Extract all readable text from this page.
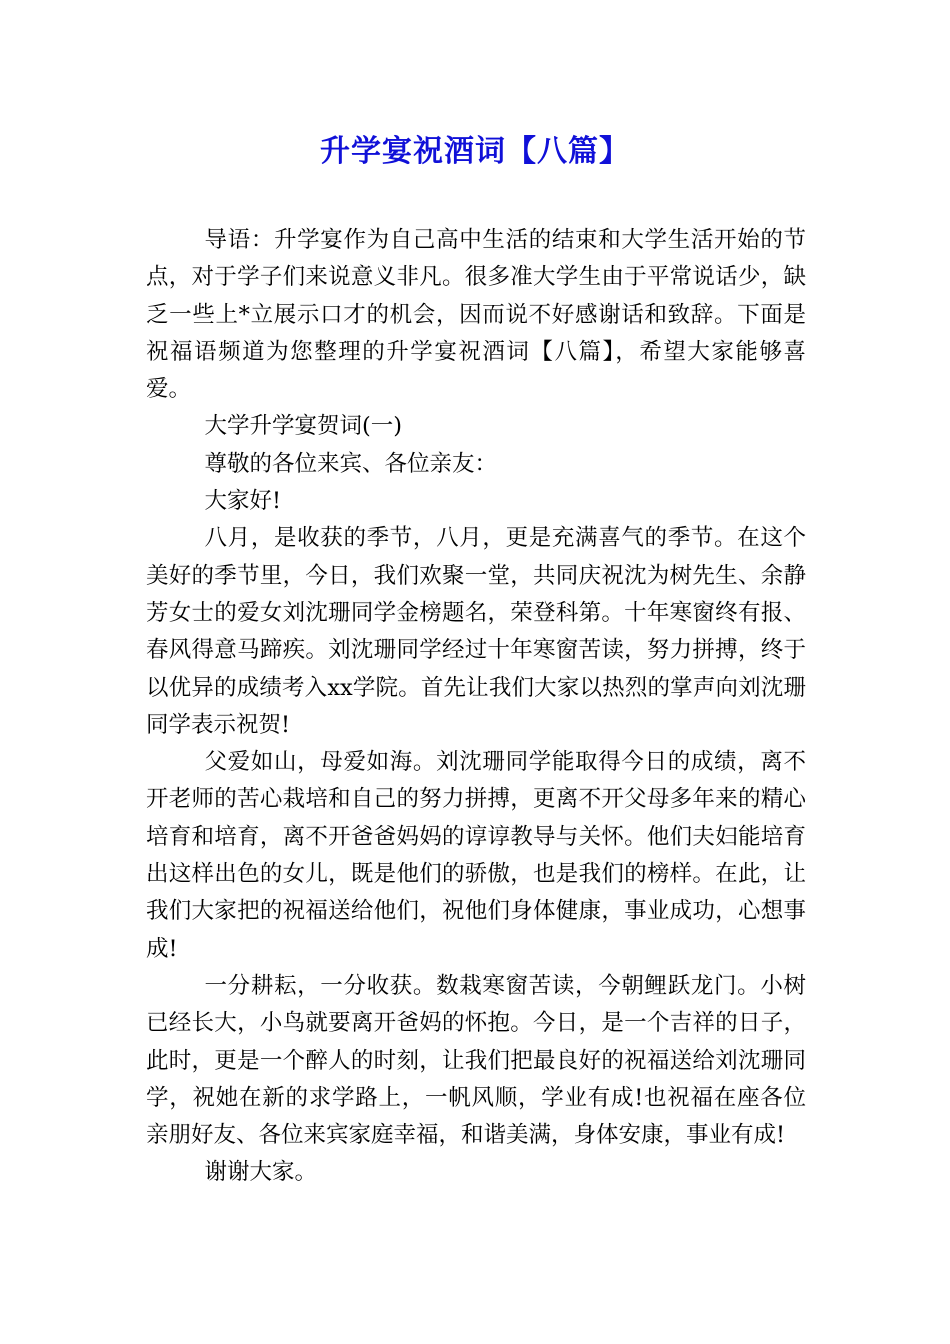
升学宴祝酒词【八篇】

导语：升学宴作为自己高中生活的结束和大学生活开始的节点，对于学子们来说意义非凡。很多准大学生由于平常说话少，缺乏一些上*立展示口才的机会，因而说不好感谢话和致辞。下面是祝福语频道为您整理的升学宴祝酒词【八篇】，希望大家能够喜爱。

大学升学宴贺词(一)

尊敬的各位来宾、各位亲友：

大家好!

八月，是收获的季节，八月，更是充满喜气的季节。在这个美好的季节里，今日，我们欢聚一堂，共同庆祝沈为树先生、余静芳女士的爱女刘沈珊同学金榜题名，荣登科第。十年寒窗终有报、春风得意马蹄疾。刘沈珊同学经过十年寒窗苦读，努力拼搏，终于以优异的成绩考入xx学院。首先让我们大家以热烈的掌声向刘沈珊同学表示祝贺!

父爱如山，母爱如海。刘沈珊同学能取得今日的成绩，离不开老师的苦心栽培和自己的努力拼搏，更离不开父母多年来的精心培育和培育，离不开爸爸妈妈的谆谆教导与关怀。他们夫妇能培育出这样出色的女儿，既是他们的骄傲，也是我们的榜样。在此，让我们大家把的祝福送给他们，祝他们身体健康，事业成功，心想事成!

一分耕耘，一分收获。数栽寒窗苦读，今朝鲤跃龙门。小树已经长大，小鸟就要离开爸妈的怀抱。今日，是一个吉祥的日子，此时，更是一个醉人的时刻，让我们把最良好的祝福送给刘沈珊同学，祝她在新的求学路上，一帆风顺，学业有成!也祝福在座各位亲朋好友、各位来宾家庭幸福，和谐美满，身体安康，事业有成!

谢谢大家。
